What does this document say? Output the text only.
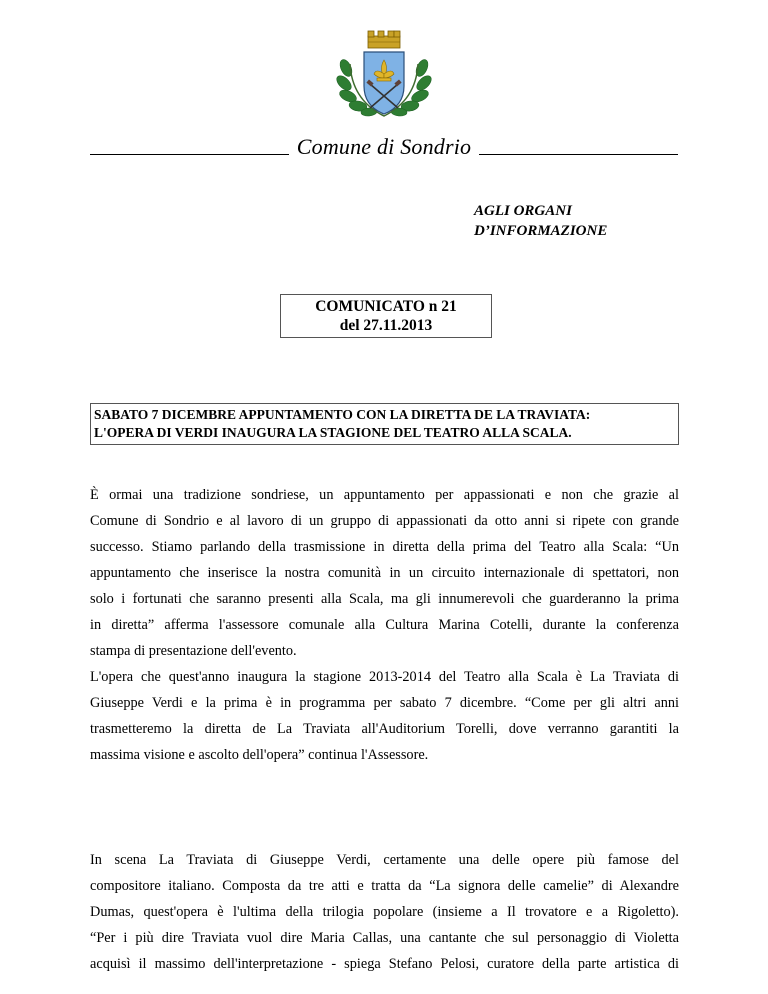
Comune di Sondrio
AGLI ORGANI
D’INFORMAZIONE
COMUNICATO n 21
del 27.11.2013
SABATO 7 DICEMBRE APPUNTAMENTO CON LA DIRETTA DE LA TRAVIATA:
L'OPERA DI VERDI INAUGURA LA STAGIONE DEL TEATRO ALLA SCALA.
È ormai una tradizione sondriese, un appuntamento per appassionati e non che grazie al
Comune di Sondrio e al lavoro di un gruppo di appassionati da otto anni si ripete con grande
successo. Stiamo parlando della trasmissione in diretta della prima del Teatro alla Scala: “Un
appuntamento che inserisce la nostra comunità in un circuito internazionale di spettatori, non
solo i fortunati che saranno presenti alla Scala, ma gli innumerevoli che guarderanno la prima
in diretta” afferma l'assessore comunale alla Cultura Marina Cotelli, durante la conferenza
stampa di presentazione dell'evento.
L'opera che quest'anno inaugura la stagione 2013-2014 del Teatro alla Scala è La Traviata di
Giuseppe Verdi e la prima è in programma per sabato 7 dicembre. “Come per gli altri anni
trasmetteremo la diretta de La Traviata all'Auditorium Torelli, dove verranno garantiti la
massima visione e ascolto dell'opera” continua l'Assessore.
In scena La Traviata di Giuseppe Verdi, certamente una delle opere più famose del
compositore italiano. Composta da tre atti e tratta da “La signora delle camelie” di Alexandre
Dumas, quest'opera è l'ultima della trilogia popolare (insieme a Il trovatore e a Rigoletto).
“Per i più dire Traviata vuol dire Maria Callas, una cantante che sul personaggio di Violetta
acquisì il massimo dell'interpretazione - spiega Stefano Pelosi, curatore della parte artistica di
